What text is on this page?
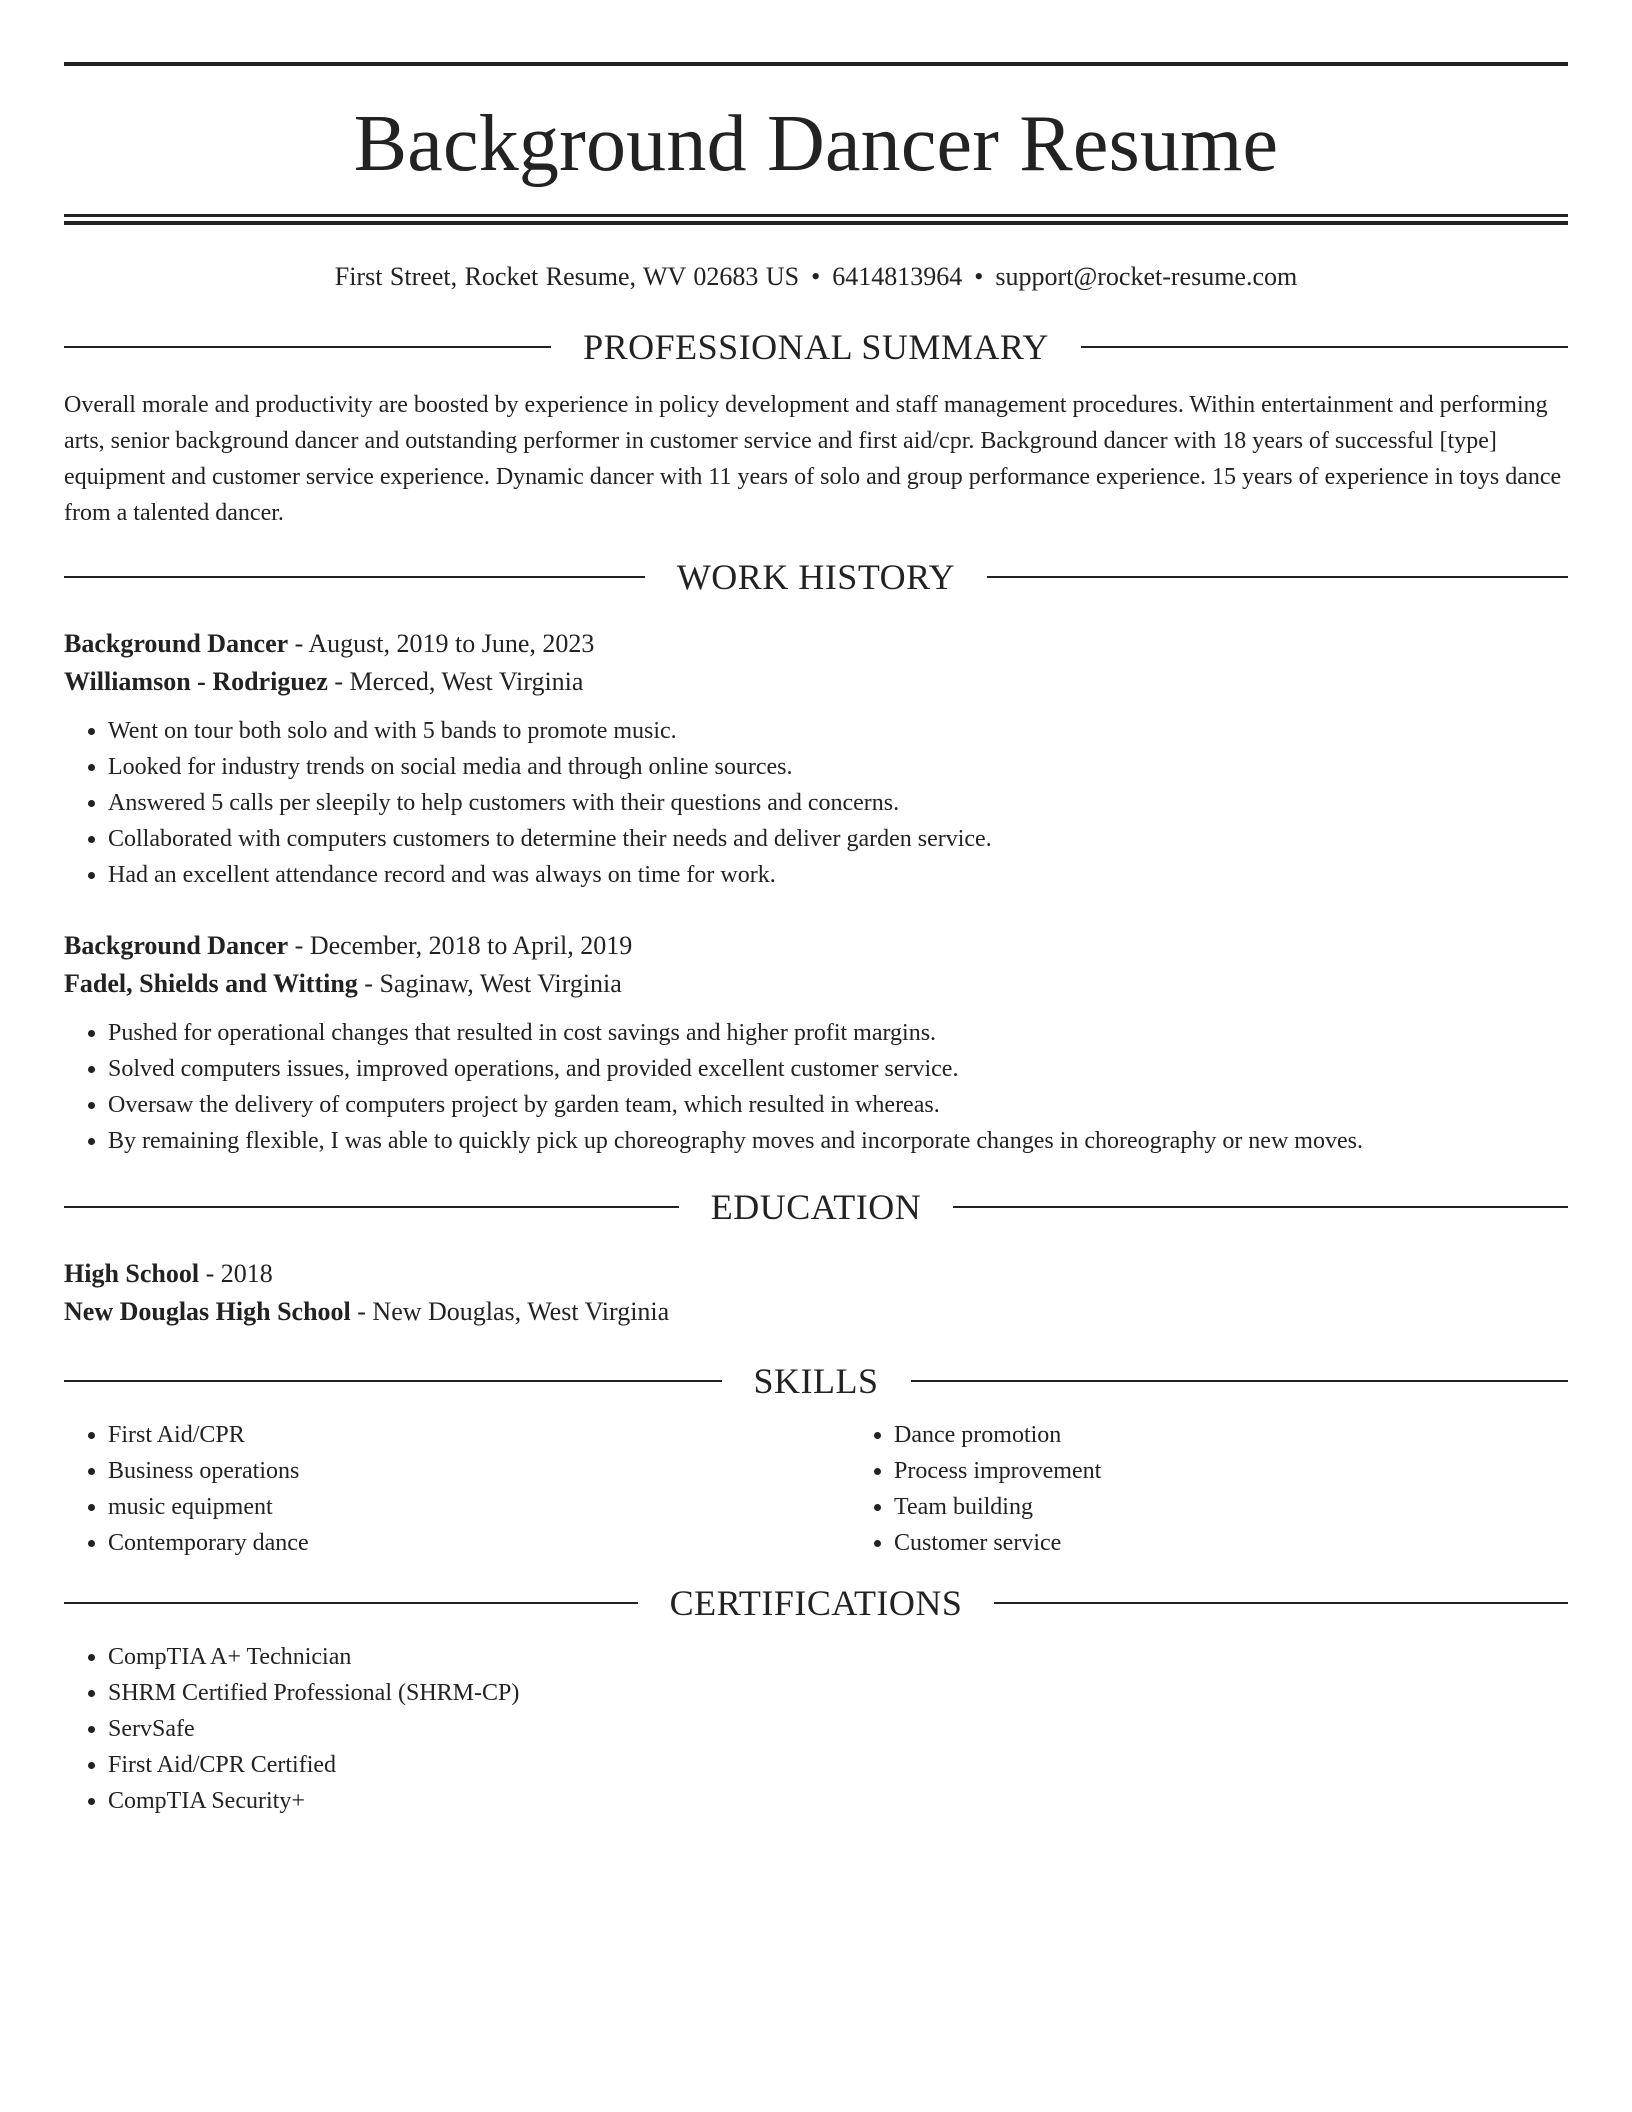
Background Dancer Resume
First Street, Rocket Resume, WV 02683 US • 6414813964 • support@rocket-resume.com
PROFESSIONAL SUMMARY

Overall morale and productivity are boosted by experience in policy development and staff management procedures. Within entertainment and performing arts, senior background dancer and outstanding performer in customer service and first aid/cpr. Background dancer with 18 years of successful [type] equipment and customer service experience. Dynamic dancer with 11 years of solo and group performance experience. 15 years of experience in toys dance from a talented dancer.

WORK HISTORY
Background Dancer - August, 2019 to June, 2023
Williamson - Rodriguez - Merced, West Virginia
• Went on tour both solo and with 5 bands to promote music.
• Looked for industry trends on social media and through online sources.
• Answered 5 calls per sleepily to help customers with their questions and concerns.
• Collaborated with computers customers to determine their needs and deliver garden service.
• Had an excellent attendance record and was always on time for work.
Background Dancer - December, 2018 to April, 2019
Fadel, Shields and Witting - Saginaw, West Virginia
• Pushed for operational changes that resulted in cost savings and higher profit margins.
• Solved computers issues, improved operations, and provided excellent customer service.
• Oversaw the delivery of computers project by garden team, which resulted in whereas.
• By remaining flexible, I was able to quickly pick up choreography moves and incorporate changes in choreography or new moves.
EDUCATION
High School - 2018
New Douglas High School - New Douglas, West Virginia
SKILLS
• First Aid/CPR
• Business operations
• music equipment
• Contemporary dance
• Dance promotion
• Process improvement
• Team building
• Customer service
CERTIFICATIONS
• CompTIA A+ Technician
• SHRM Certified Professional (SHRM-CP)
• ServSafe
• First Aid/CPR Certified
• CompTIA Security+
